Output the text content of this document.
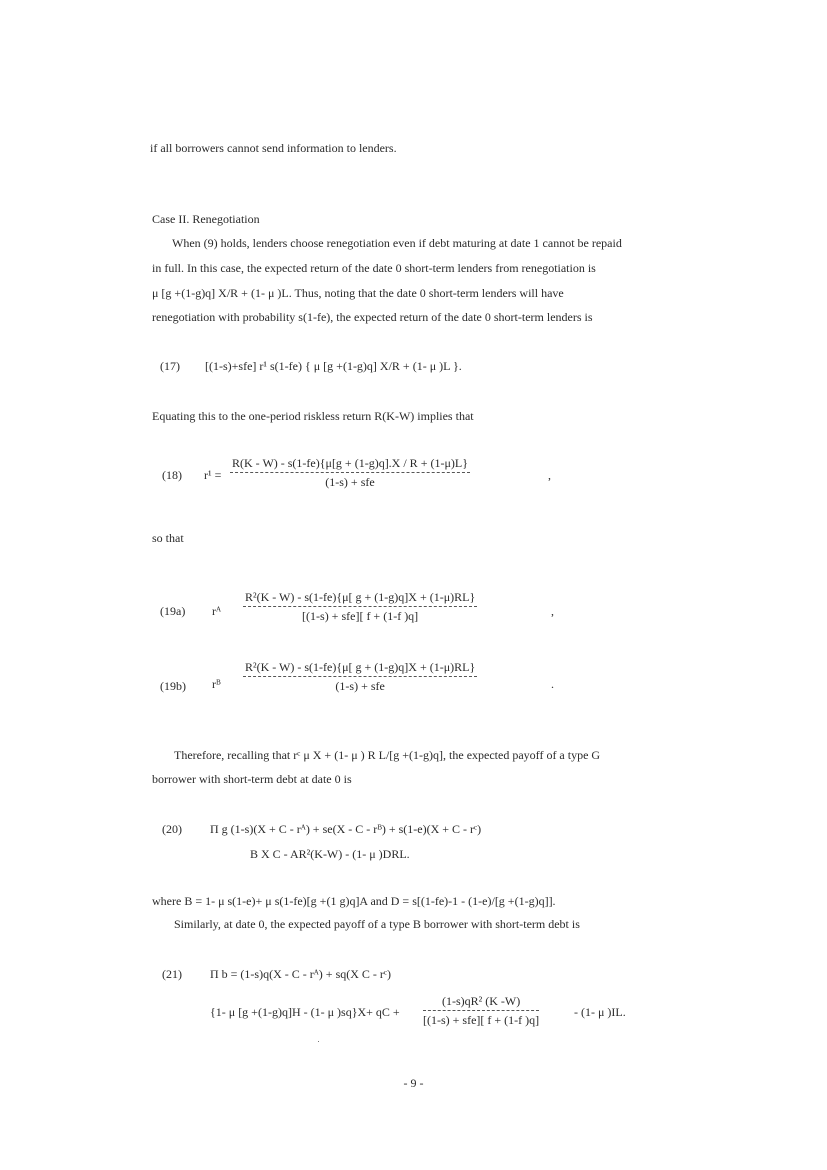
if all borrowers cannot send information to lenders.
Case II. Renegotiation
When (9) holds, lenders choose renegotiation even if debt maturing at date 1 cannot be repaid
in full. In this case, the expected return of the date 0 short-term lenders from renegotiation is
μ [g +(1-g)q] X/R + (1- μ )L. Thus, noting that the date 0 short-term lenders will have
renegotiation with probability s(1-fe), the expected return of the date 0 short-term lenders is
(17) [(1-s)+sfe] r¹ s(1-fe) { μ [g +(1-g)q] X/R + (1- μ )L }.
Equating this to the one-period riskless return R(K-W) implies that
(18) r¹ =
R(K - W) - s(1-fe){μ[g + (1-g)q].X / R + (1-μ)L}
(1-s) + sfe	,
so that
(19a) rᴬ
R²(K - W) - s(1-fe){μ[ g + (1-g)q]X + (1-μ)RL}
[(1-s) + sfe][ f + (1-f )q]	,
(19b) rᴮ
R²(K - W) - s(1-fe){μ[ g + (1-g)q]X + (1-μ)RL}
(1-s) + sfe	.
Therefore, recalling that rᶜ μ X + (1- μ ) R L/[g +(1-g)q], the expected payoff of a type G
borrower with short-term debt at date 0 is
(20) Π g (1-s)(X + C - rᴬ) + se(X - C - rᴮ) + s(1-e)(X + C - rᶜ)
B X C - AR²(K-W) - (1- μ )DRL.
where B = 1- μ s(1-e)+ μ s(1-fe)[g +(1 g)q]A and D = s[(1-fe)-1 - (1-e)/[g +(1-g)q]].
Similarly, at date 0, the expected payoff of a type B borrower with short-term debt is
(21) Π b = (1-s)q(X - C - rᴬ) + sq(X C - rᶜ)
{1- μ [g +(1-g)q]H - (1- μ )sq}X+ qC +
(1-s)qR² (K -W)
[(1-s) + sfe][ f + (1-f )q]
- (1- μ )IL.
- 9 -
